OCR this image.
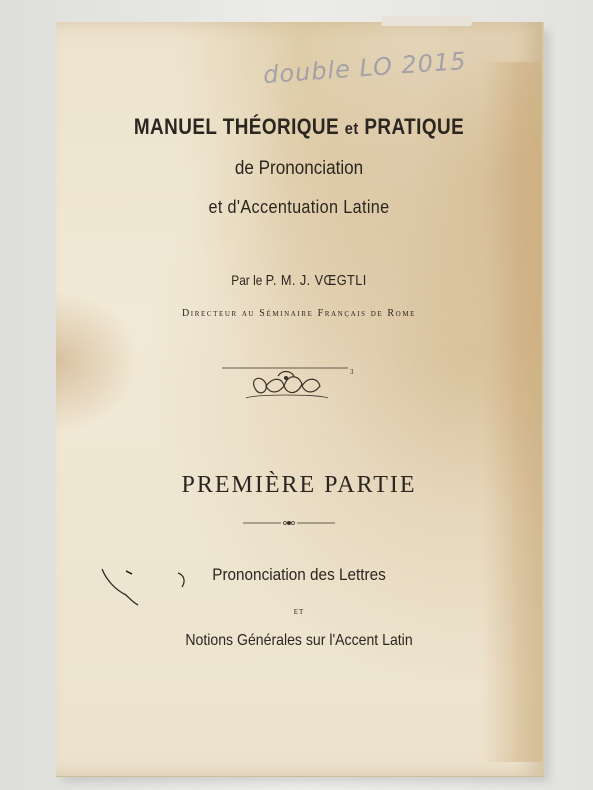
double LO 2015
MANUEL THÉORIQUE et PRATIQUE
de Prononciation
et d'Accentuation Latine
Par le P. M. J. VŒGTLI
Directeur au Séminaire Français de Rome
3
PREMIÈRE PARTIE
Prononciation des Lettres
ET
Notions Générales sur l'Accent Latin
